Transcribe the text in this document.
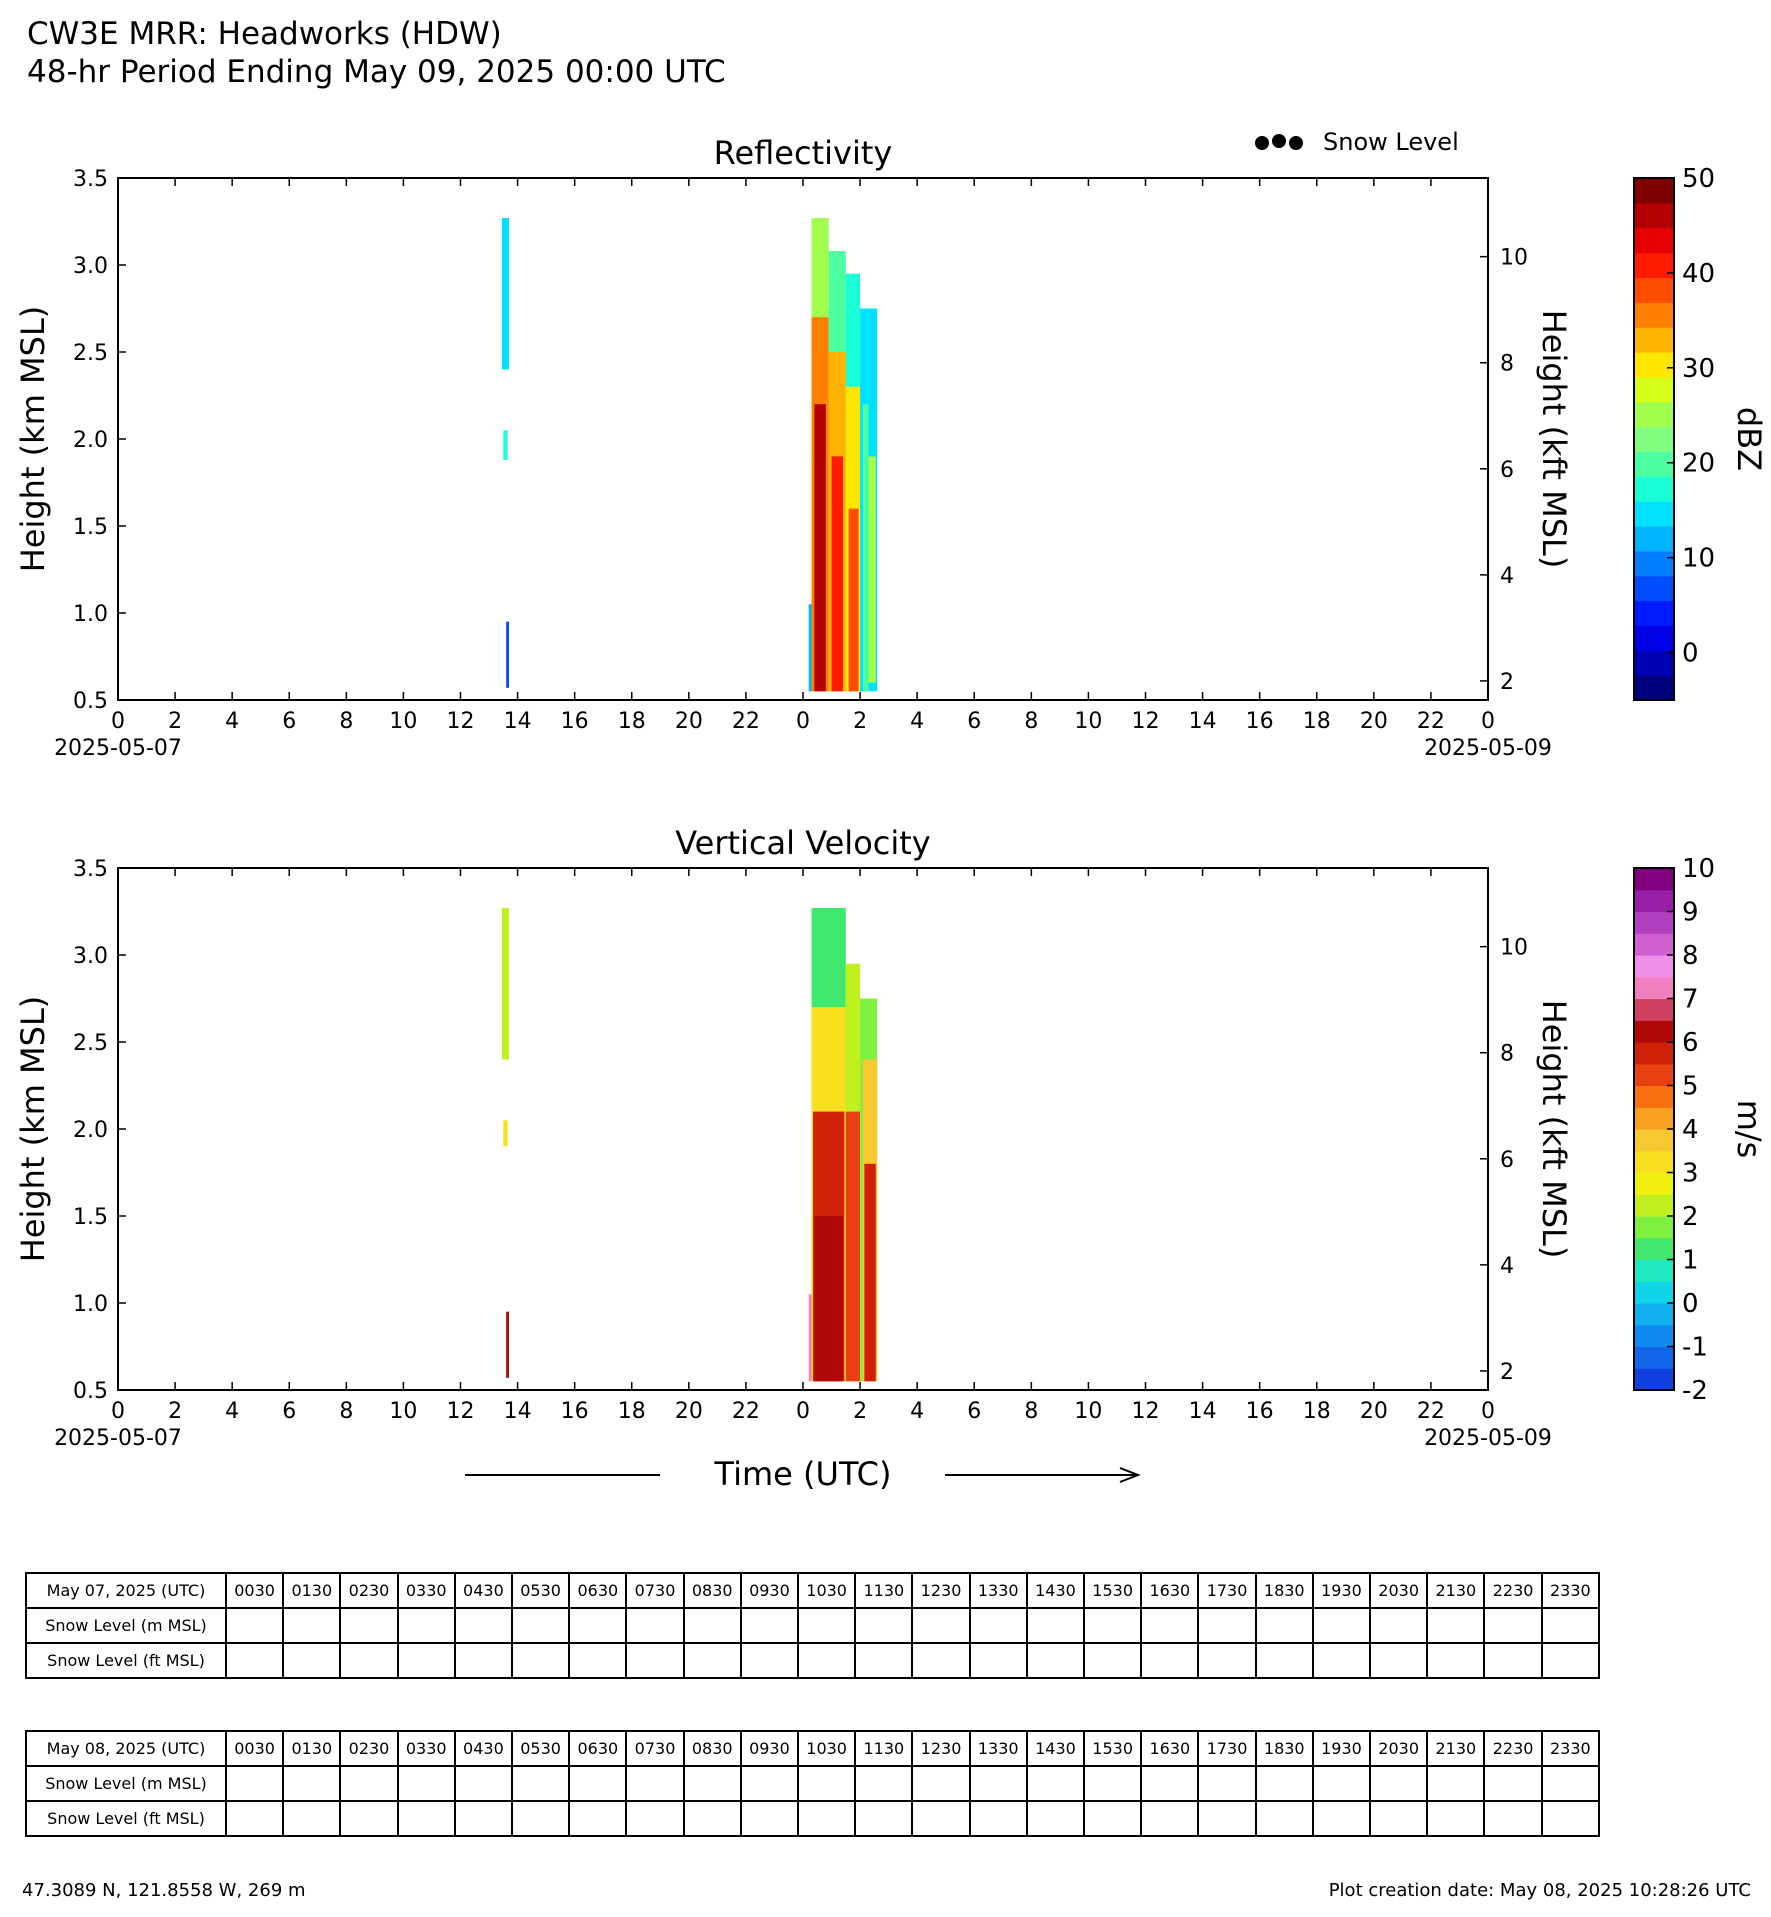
CW3E MRR: Headworks (HDW)
48-hr Period Ending May 09, 2025 00:00 UTC
Snow Level
Reflectivity
0 2 4 6 8 10 12 14 16 18 20 22 0 2 4 6 8 10 12 14 16 18 20 22 0
2025-05-07	2025-05-09
0.5
1.0
1.5
2.0
2.5
3.0
3.5
Height (km MSL)
2
4
6
8
10
Height (kft MSL)
0
10
20
30
40
50
dBZ
Vertical Velocity
0 2 4 6 8 10 12 14 16 18 20 22 0 2 4 6 8 10 12 14 16 18 20 22 0
2025-05-07	2025-05-09
0.5
1.0
1.5
2.0
2.5
3.0
3.5
Height (km MSL)
2
4
6
8
10
Height (kft MSL)
-2
-1
0
1
2
3
4
5
6
7
8
9
10
m/s
Time (UTC)
May 07, 2025 (UTC)	0030	0130	0230	0330	0430	0530	0630	0730	0830	0930	1030	1130	1230	1330	1430	1530	1630	1730	1830	1930	2030	2130	2230	2330
Snow Level (m MSL)																								
Snow Level (ft MSL)																								
May 08, 2025 (UTC)	0030	0130	0230	0330	0430	0530	0630	0730	0830	0930	1030	1130	1230	1330	1430	1530	1630	1730	1830	1930	2030	2130	2230	2330
Snow Level (m MSL)																								
Snow Level (ft MSL)																								
47.3089 N, 121.8558 W, 269 m	Plot creation date: May 08, 2025 10:28:26 UTC
